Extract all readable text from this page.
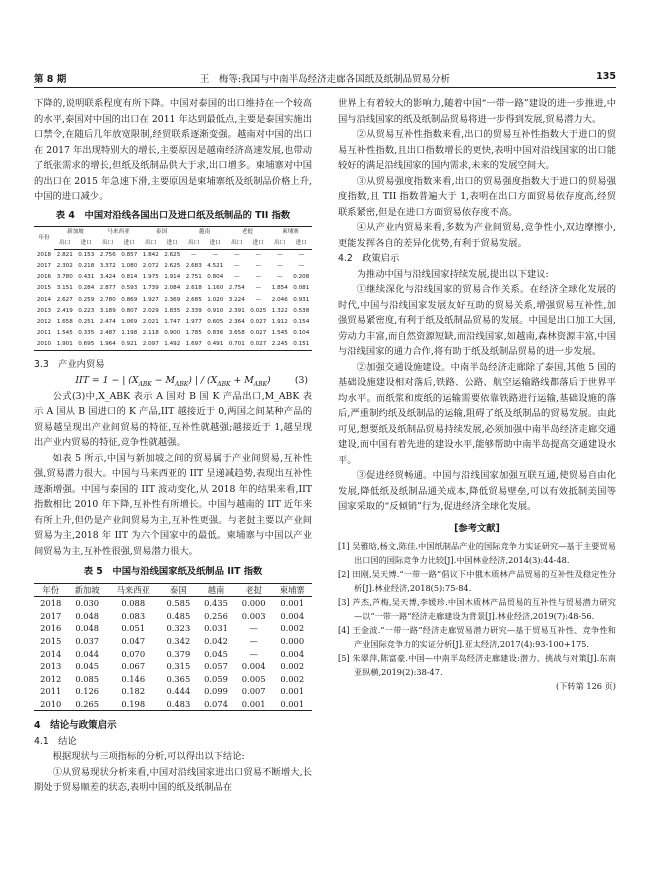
第 8 期	王　梅等:我国与中南半岛经济走廊各国纸及纸制品贸易分析	135

下降的,说明联系程度有所下降。中国对泰国的出口维持在一个较高的水平,泰国对中国的出口在 2011 年达到最低点,主要是泰国实施出口禁令,在随后几年放宽限制,经贸联系逐渐变强。越南对中国的出口在 2017 年出现特别大的增长,主要原因是越南经济高速发展,也带动了纸张需求的增长,但纸及纸制品供大于求,出口增多。柬埔寨对中国的出口在 2015 年急速下滑,主要原因是柬埔寨纸及纸制品价格上升,中国的进口减少。

表 4 中国对沿线各国出口及进口纸及纸制品的 TII 指数
年份	新加坡		马来西亚		泰国		越南		老挝		柬埔寨	
	出口	进口	出口	进口	出口	进口	出口	进口	出口	进口	出口	进口
2018	2.821	0.153	2.756	0.857	1.842	2.625	—	—	—	—	—	—
2017	2.302	0.218	3.372	1.080	2.072	2.625	2.683	4.521	—	—	—	—
2016	3.780	0.431	3.424	0.814	1.975	1.914	2.751	0.804	—	—	—	0.208
2015	3.151	0.284	2.877	0.593	1.739	2.084	2.618	1.160	2.754	—	1.854	0.081
2014	2.627	0.259	2.780	0.869	1.927	2.369	2.685	1.020	3.224	—	2.046	0.931
2013	2.419	0.223	3.189	0.807	2.029	1.835	2.339	0.910	2.391	0.025	1.322	0.538
2012	1.658	0.251	2.474	1.069	2.021	1.747	1.977	0.605	2.364	0.027	1.912	0.154
2011	1.545	0.335	2.487	1.198	2.118	0.900	1.785	0.836	3.658	0.027	1.545	0.104
2010	1.901	0.695	1.964	0.921	2.097	1.492	1.697	0.491	0.701	0.027	2.245	0.151

3.3　产业内贸易

IIT = 1 − | $(X_{ABK} - M_{ABK})$ | / $(X_{ABK} + M_{ABK})$	(3)

公式(3)中,X_ABK 表示 A 国对 B 国 K 产品出口,M_ABK 表示 A 国从 B 国进口的 K 产品,IIT 越接近于 0,两国之间某种产品的贸易越呈现出产业间贸易的特征,互补性就越强;越接近于 1,越呈现出产业内贸易的特征,竞争性就越强。

如表 5 所示,中国与新加坡之间的贸易属于产业间贸易,互补性强,贸易潜力很大。中国与马来西亚的 IIT 呈递减趋势,表现出互补性逐渐增强。中国与泰国的 IIT 波动变化,从 2018 年的结果来看,IIT 指数相比 2010 年下降,互补性有所增长。中国与越南的 IIT 近年来有所上升,但仍是产业间贸易为主,互补性更强。与老挝主要以产业间贸易为主,2018 年 IIT 为六个国家中的最低。柬埔寨与中国以产业间贸易为主,互补性很强,贸易潜力很大。

表 5 中国与沿线国家纸及纸制品 IIT 指数
年份	新加坡	马来西亚	泰国	越南	老挝	柬埔寨
2018	0.030	0.088	0.585	0.435	0.000	0.001
2017	0.048	0.083	0.485	0.256	0.003	0.004
2016	0.048	0.051	0.323	0.031	—	0.002
2015	0.037	0.047	0.342	0.042	—	0.000
2014	0.044	0.070	0.379	0.045	—	0.004
2013	0.045	0.067	0.315	0.057	0.004	0.002
2012	0.085	0.146	0.365	0.059	0.005	0.002
2011	0.126	0.182	0.444	0.099	0.007	0.001
2010	0.265	0.198	0.483	0.074	0.001	0.001

4　结论与政策启示

4.1　结论

根据现状与三项指标的分析,可以得出以下结论:

①从贸易现状分析来看,中国对沿线国家进出口贸易不断增大,长期处于贸易顺差的状态,表明中国的纸及纸制品在

世界上有着较大的影响力,随着中国“一带一路”建设的进一步推进,中国与沿线国家的纸及纸制品贸易将进一步得到发展,贸易潜力大。

②从贸易互补性指数来看,出口的贸易互补性指数大于进口的贸易互补性指数,且出口指数增长的更快,表明中国对沿线国家的出口能较好的满足沿线国家的国内需求,未来的发展空间大。

③从贸易强度指数来看,出口的贸易强度指数大于进口的贸易强度指数,且 TII 指数普遍大于 1,表明在出口方面贸易依存度高,经贸联系紧密,但是在进口方面贸易依存度不高。

④从产业内贸易来看,多数为产业间贸易,竞争性小,双边摩擦小,更能发挥各自的差异化优势,有利于贸易发展。

4.2　政策启示

为推动中国与沿线国家持续发展,提出以下建议:

①继续深化与沿线国家的贸易合作关系。在经济全球化发展的时代,中国与沿线国家发展友好互助的贸易关系,增强贸易互补性,加强贸易紧密度,有利于纸及纸制品贸易的发展。中国是出口加工大国,劳动力丰富,而自然资源短缺,而沿线国家,如越南,森林资源丰富,中国与沿线国家的通力合作,将有助于纸及纸制品贸易的进一步发展。

②加强交通设施建设。中南半岛经济走廊除了泰国,其他 5 国的基础设施建设相对落后,铁路、公路、航空运输路线都落后于世界平均水平。而纸浆和废纸的运输需要依靠铁路进行运输,基础设施的落后,严重制约纸及纸制品的运输,阻碍了纸及纸制品的贸易发展。由此可见,想要纸及纸制品贸易持续发展,必须加强中南半岛经济走廊交通建设,而中国有着先进的建设水平,能够帮助中南半岛提高交通建设水平。

③促进经贸畅通。中国与沿线国家加强互联互通,使贸易自由化发展,降低纸及纸制品通关成本,降低贸易壁垒,可以有效抵制美国等国家采取的“反倾销”行为,促进经济全球化发展。

[参考文献]

[1] 吴雅晗,杨文,陈佳.中国纸制品产业的国际竞争力实证研究—基于主要贸易出口国的国际竞争力比较[J].中国林业经济,2014(3):44-48.

[2] 田刚,吴天博.“一带一路”倡议下中俄木质林产品贸易的互补性及稳定性分析[J].林业经济,2018(5):75-84.

[3] 芦杰,芦梅,吴天博,李媛珍.中国木质林产品贸易的互补性与贸易潜力研究—以“一带一路”经济走廊建设为背景[J].林业经济,2019(7):48-56.

[4] 王金波.“一带一路”经济走廊贸易潜力研究—基于贸易互补性、竞争性和产业国际竞争力的实证分析[J].亚太经济,2017(4):93-100+175.

[5] 朱翠萍,陈富豪.中国—中南半岛经济走廊建设:潜力、挑战与对策[J].东南亚纵横,2019(2):38-47.

(下转第 126 页)
